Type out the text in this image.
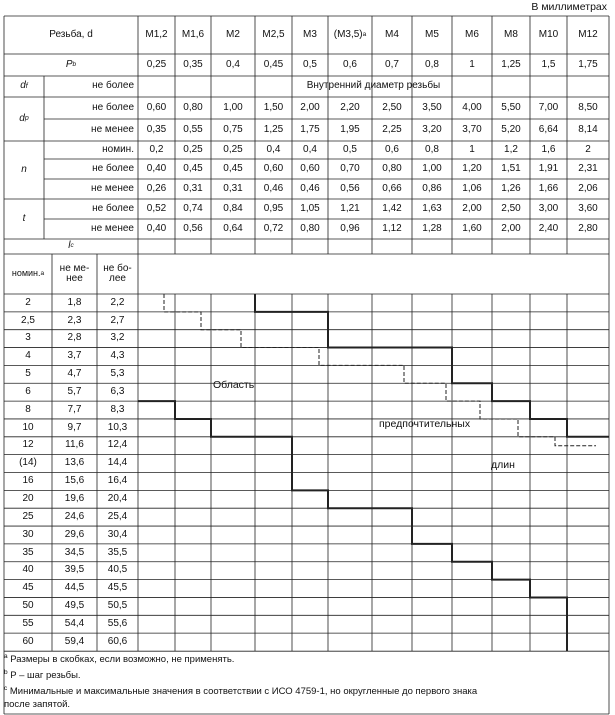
В миллиметрах
Резьба, d	M1,2	M1,6	M2	M2,5	M3	(M3,5) a	M4	M5	M6	M8	M10	M12
P b	0,25	0,35	0,4	0,45	0,5	0,6	0,7	0,8	1	1,25	1,5	1,75
d f	не более	Внутренний диаметр резьбы
d p
не более	0,60	0,80	1,00	1,50	2,00	2,20	2,50	3,50	4,00	5,50	7,00	8,50
не менее	0,35	0,55	0,75	1,25	1,75	1,95	2,25	3,20	3,70	5,20	6,64	8,14
n
номин.	0,2	0,25	0,25	0,4	0,4	0,5	0,6	0,8	1	1,2	1,6	2
не более	0,40	0,45	0,45	0,60	0,60	0,70	0,80	1,00	1,20	1,51	1,91	2,31
не менее	0,26	0,31	0,31	0,46	0,46	0,56	0,66	0,86	1,06	1,26	1,66	2,06
t
не более	0,52	0,74	0,84	0,95	1,05	1,21	1,42	1,63	2,00	2,50	3,00	3,60
не менее	0,40	0,56	0,64	0,72	0,80	0,96	1,12	1,28	1,60	2,00	2,40	2,80
l c
номин. a	не ме-
нее
не бо-
лее
2	1,8	2,2
2,5	2,3	2,7
3	2,8	3,2
4	3,7	4,3
5	4,7	5,3
6	5,7	6,3
8	7,7	8,3
10	9,7	10,3
12	11,6	12,4
(14)	13,6	14,4
16	15,6	16,4
20	19,6	20,4
25	24,6	25,4
30	29,6	30,4
35	34,5	35,5
40	39,5	40,5
45	44,5	45,5
50	49,5	50,5
55	54,4	55,6
60	59,4	60,6
Область
предпочтительных
длин
$^a$ Размеры в скобках, если возможно, не применять.
$^b$ P – шаг резьбы.
$^c$ Минимальные и максимальные значения в соответствии с ИСО 4759-1, но округленные до первого знака
после запятой.
